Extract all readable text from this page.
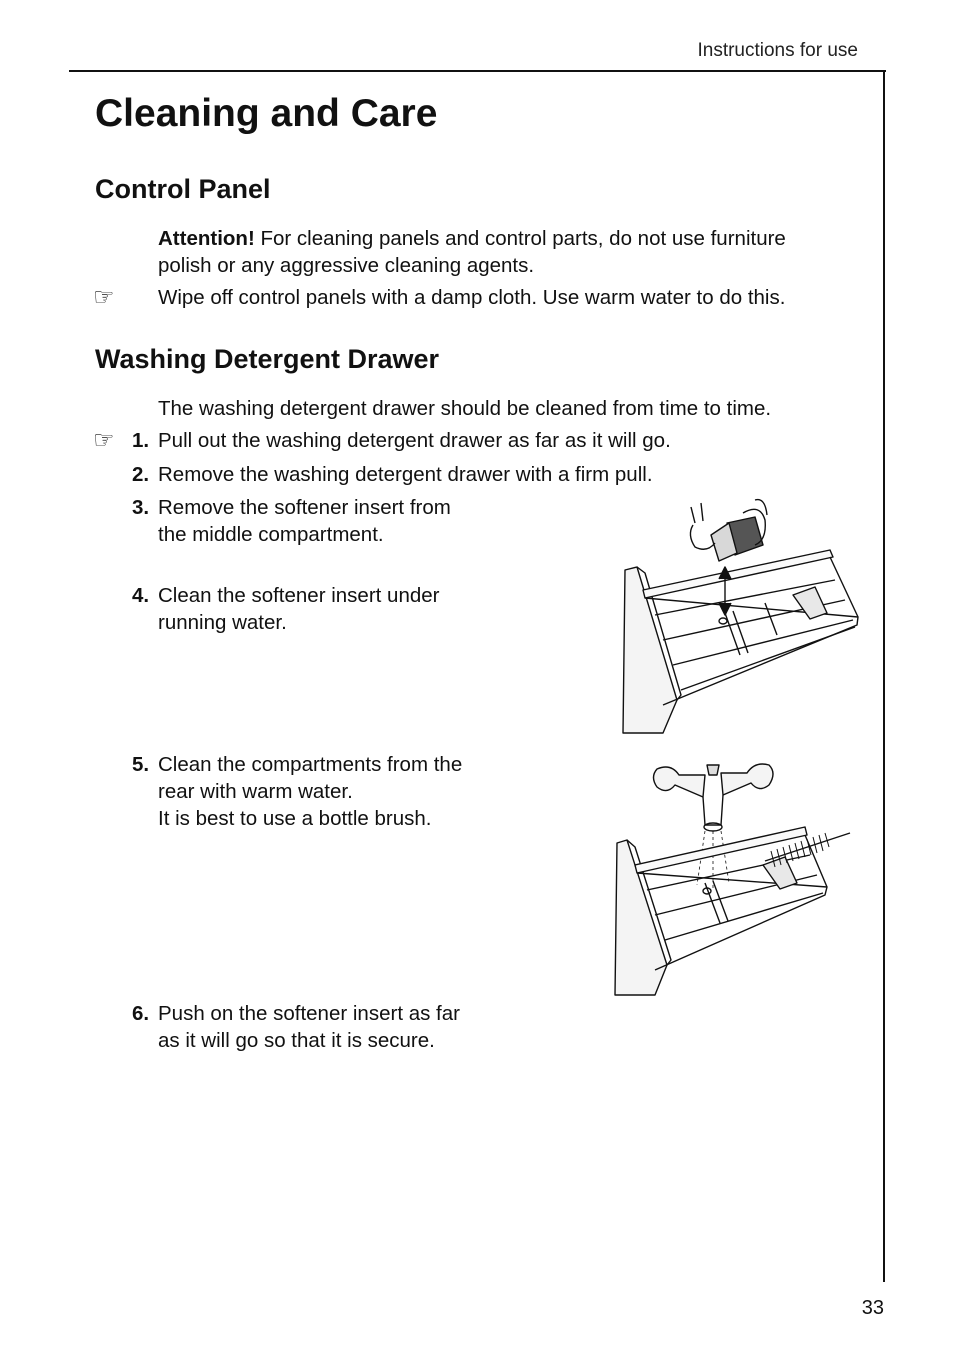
Instructions for use
Cleaning and Care
Control Panel
Attention! For cleaning panels and control parts, do not use furniture
polish or any aggressive cleaning agents.
☞ Wipe off control panels with a damp cloth. Use warm water to do this.
Washing Detergent Drawer
The washing detergent drawer should be cleaned from time to time.
☞ 1. Pull out the washing detergent drawer as far as it will go.
2. Remove the washing detergent drawer with a firm pull.
3. Remove the softener insert from
the middle compartment.
4. Clean the softener insert under
running water.
5. Clean the compartments from the
rear with warm water.
It is best to use a bottle brush.
6. Push on the softener insert as far
as it will go so that it is secure.
33
